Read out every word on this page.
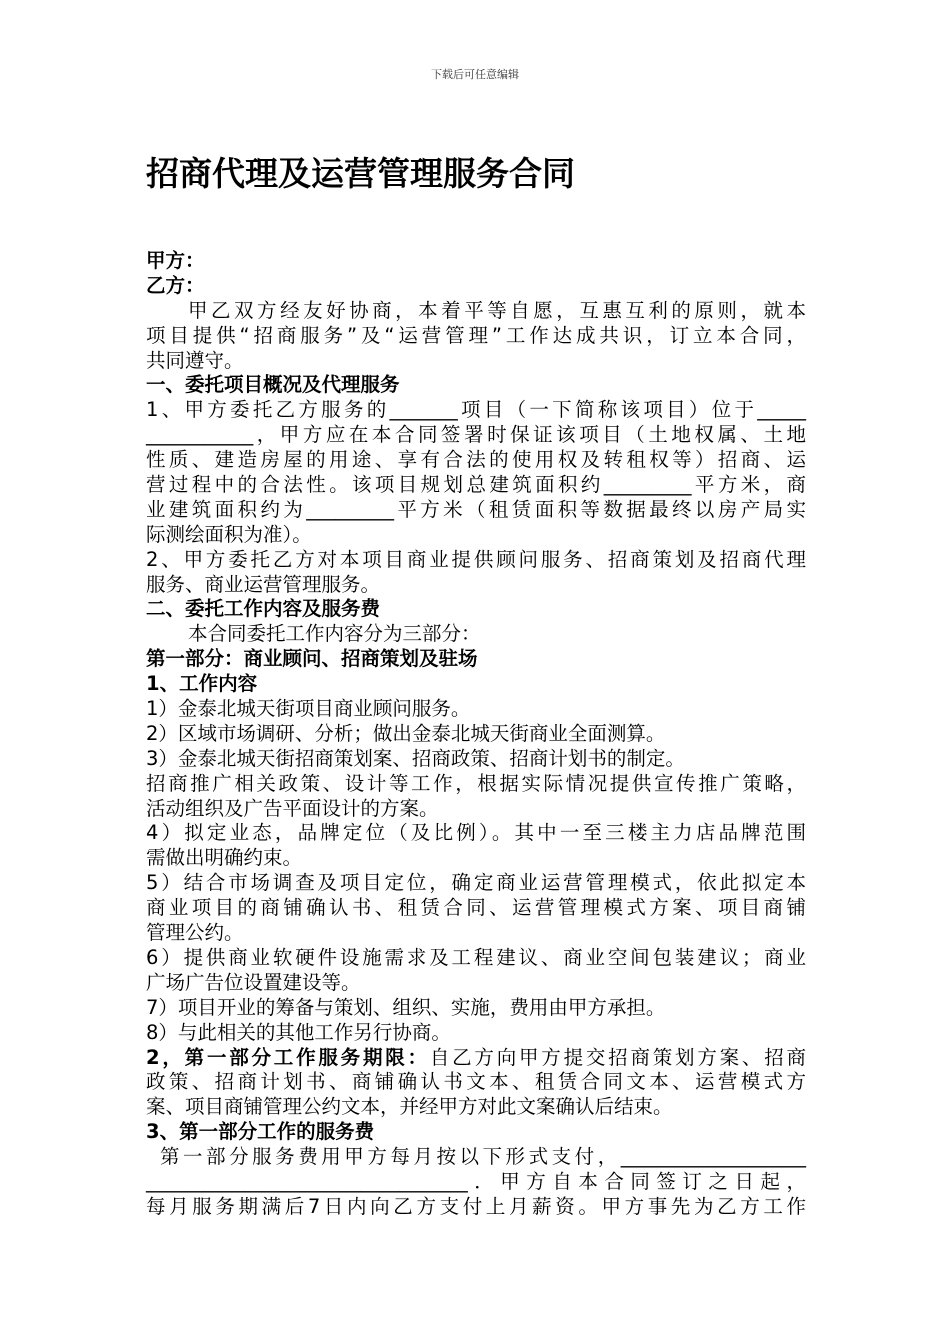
下载后可任意编辑
招商代理及运营管理服务合同
甲方：
乙方：
甲乙双方经友好协商，本着平等自愿，互惠互利的原则，就本
项目提供“招商服务”及“运营管理”工作达成共识，订立本合同，
共同遵守。
一、委托项目概况及代理服务
1、甲方委托乙方服务的_______项目（一下简称该项目）位于_____
___________，甲方应在本合同签署时保证该项目（土地权属、土地
性质、建造房屋的用途、享有合法的使用权及转租权等）招商、运
营过程中的合法性。该项目规划总建筑面积约_________平方米，商
业建筑面积约为_________平方米（租赁面积等数据最终以房产局实
际测绘面积为准）。
2、甲方委托乙方对本项目商业提供顾问服务、招商策划及招商代理
服务、商业运营管理服务。
二、委托工作内容及服务费
本合同委托工作内容分为三部分：
第一部分：商业顾问、招商策划及驻场
1、工作内容
1）金泰北城天街项目商业顾问服务。
2）区域市场调研、分析；做出金泰北城天街商业全面测算。
3）金泰北城天街招商策划案、招商政策、招商计划书的制定。
招商推广相关政策、设计等工作，根据实际情况提供宣传推广策略，
活动组织及广告平面设计的方案。
4）拟定业态，品牌定位（及比例）。其中一至三楼主力店品牌范围
需做出明确约束。
5）结合市场调查及项目定位，确定商业运营管理模式，依此拟定本
商业项目的商铺确认书、租赁合同、运营管理模式方案、项目商铺
管理公约。
6）提供商业软硬件设施需求及工程建议、商业空间包装建议；商业
广场广告位设置建设等。
7）项目开业的筹备与策划、组织、实施，费用由甲方承担。
8）与此相关的其他工作另行协商。
2，第一部分工作服务期限：自乙方向甲方提交招商策划方案、招商
政策、招商计划书、商铺确认书文本、租赁合同文本、运营模式方
案、项目商铺管理公约文本，并经甲方对此文案确认后结束。
3、第一部分工作的服务费
第一部分服务费用甲方每月按以下形式支付，___________________
_________________________________．甲方自本合同签订之日起，
每月服务期满后7日内向乙方支付上月薪资。甲方事先为乙方工作
